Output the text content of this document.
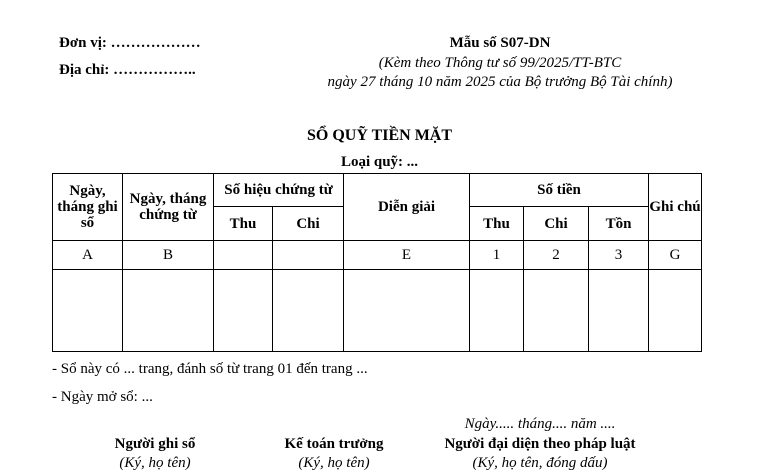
Đơn vị: ………………
Địa chỉ: ……………..
Mẫu số S07-DN
(Kèm theo Thông tư số 99/2025/TT-BTC
ngày 27 tháng 10 năm 2025 của Bộ trưởng Bộ Tài chính)
SỔ QUỸ TIỀN MẶT
Loại quỹ: ...
Ngày, tháng ghi sổ	Ngày, tháng chứng từ	Số hiệu chứng từ		Diễn giải	Số tiền			Ghi chú
		Thu	Chi		Thu	Chi	Tồn	
A	B			E	1	2	3	G

- Sổ này có ... trang, đánh số từ trang 01 đến trang ...
- Ngày mở sổ: ...
Ngày..... tháng.... năm ....
Người ghi sổ
(Ký, họ tên)
Kế toán trưởng
(Ký, họ tên)
Người đại diện theo pháp luật
(Ký, họ tên, đóng dấu)
